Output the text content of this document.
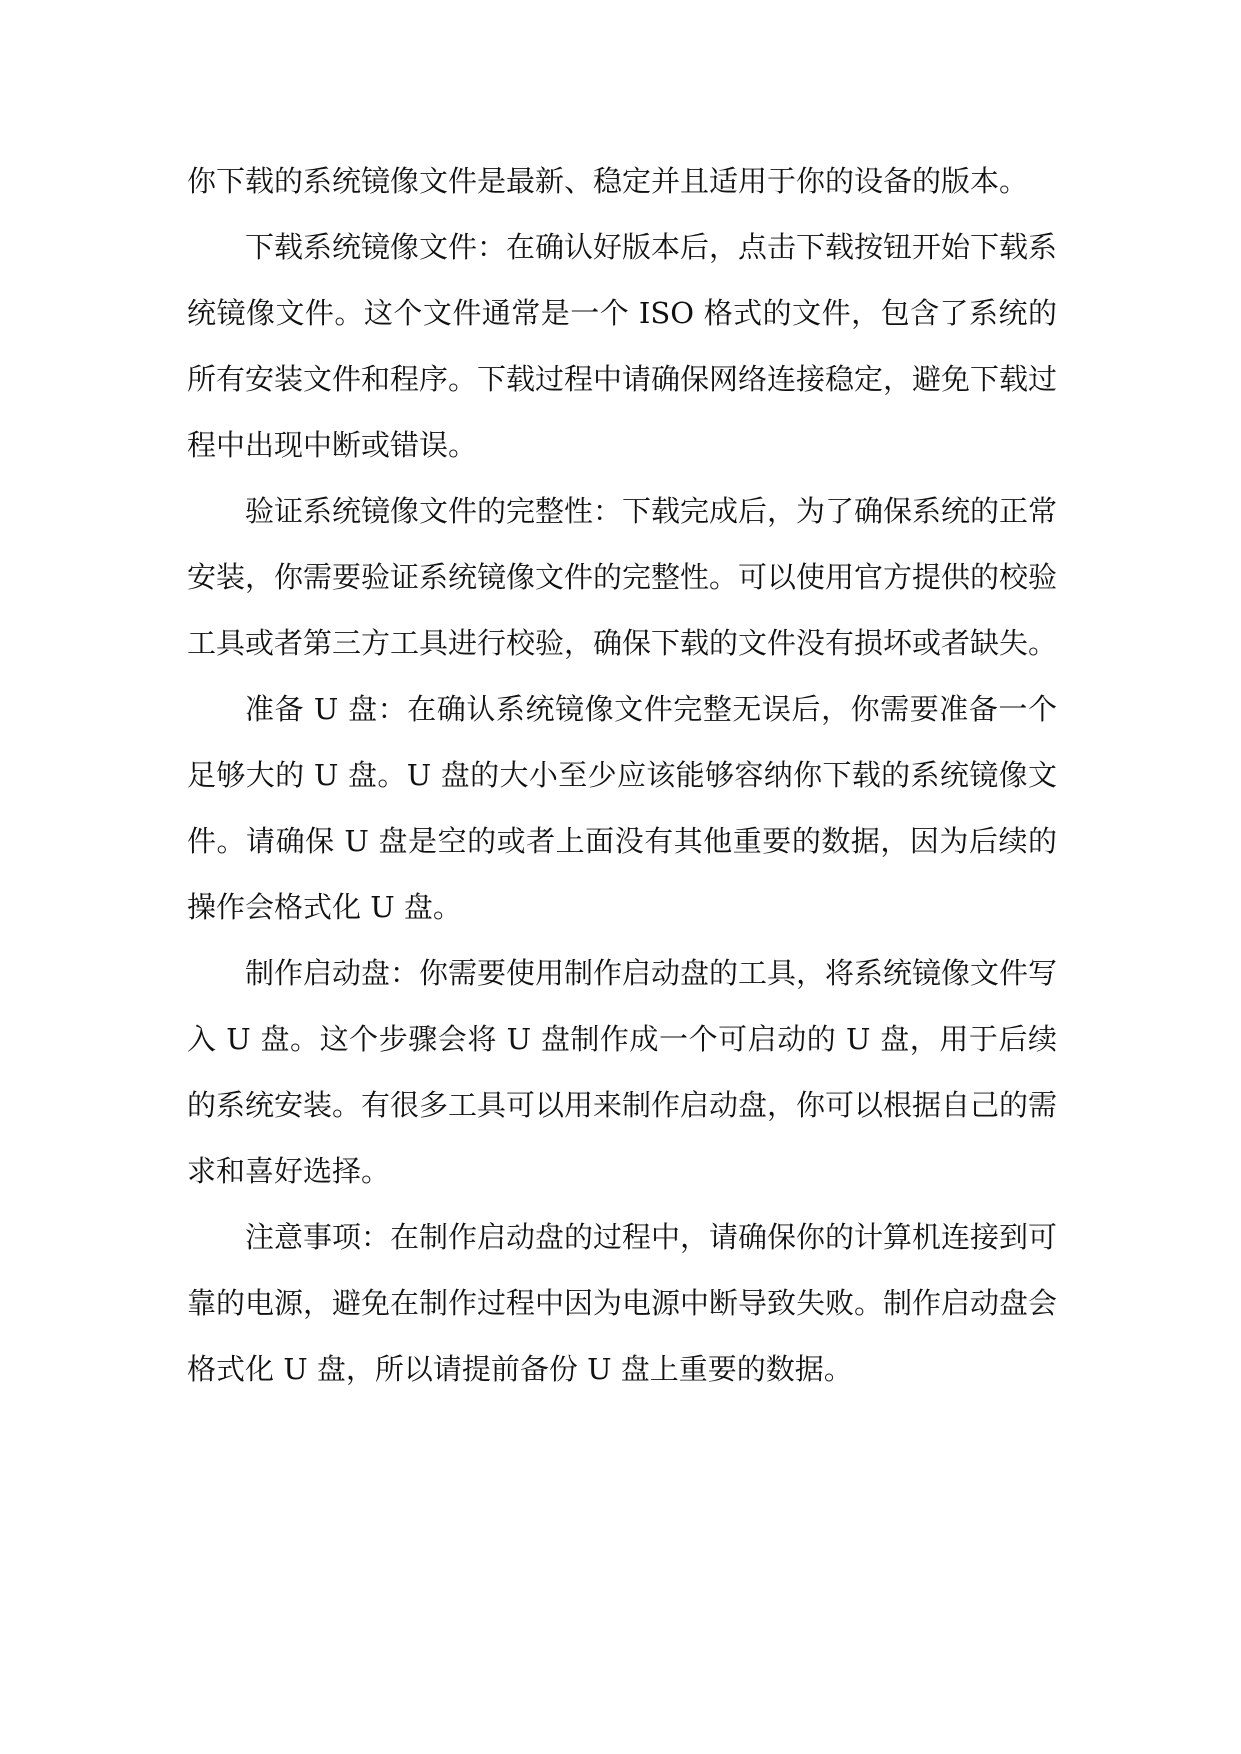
你下载的系统镜像文件是最新、稳定并且适用于你的设备的版本。

下载系统镜像文件：在确认好版本后，点击下载按钮开始下载系统镜像文件。这个文件通常是一个 ISO 格式的文件，包含了系统的所有安装文件和程序。下载过程中请确保网络连接稳定，避免下载过程中出现中断或错误。

验证系统镜像文件的完整性：下载完成后，为了确保系统的正常安装，你需要验证系统镜像文件的完整性。可以使用官方提供的校验工具或者第三方工具进行校验，确保下载的文件没有损坏或者缺失。

准备 U 盘：在确认系统镜像文件完整无误后，你需要准备一个足够大的 U 盘。U 盘的大小至少应该能够容纳你下载的系统镜像文件。请确保 U 盘是空的或者上面没有其他重要的数据，因为后续的操作会格式化 U 盘。

制作启动盘：你需要使用制作启动盘的工具，将系统镜像文件写入 U 盘。这个步骤会将 U 盘制作成一个可启动的 U 盘，用于后续的系统安装。有很多工具可以用来制作启动盘，你可以根据自己的需求和喜好选择。

注意事项：在制作启动盘的过程中，请确保你的计算机连接到可靠的电源，避免在制作过程中因为电源中断导致失败。制作启动盘会格式化 U 盘，所以请提前备份 U 盘上重要的数据。
